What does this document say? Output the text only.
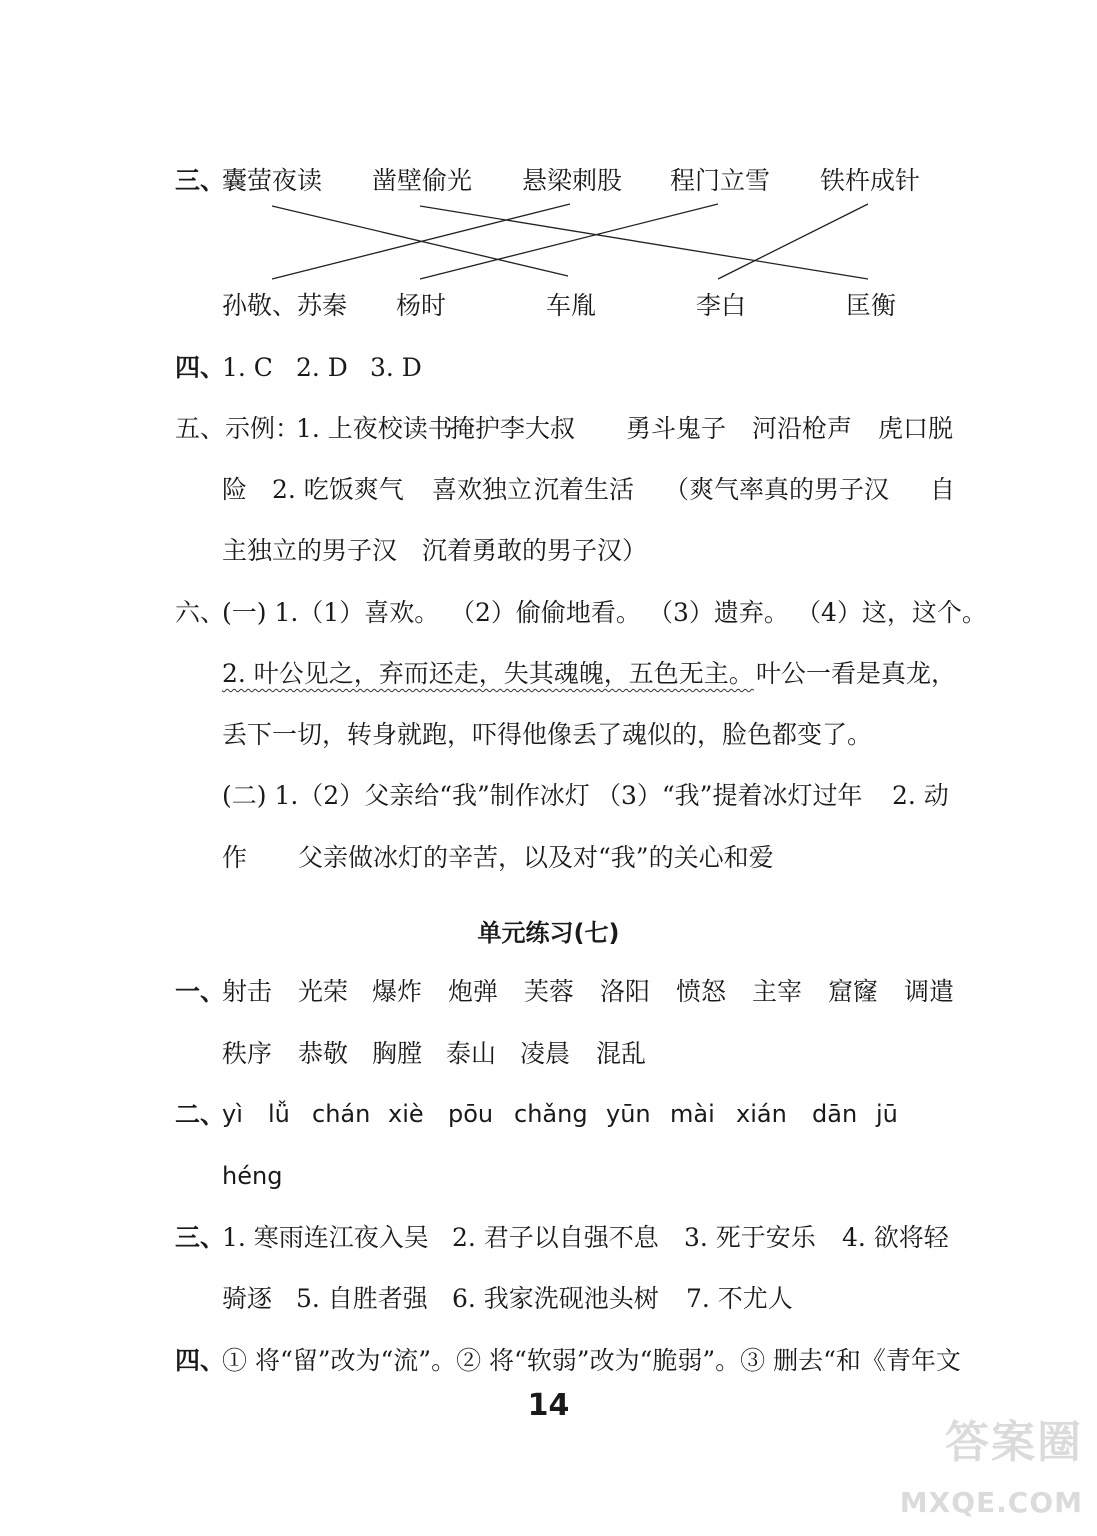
三、
囊萤夜读 凿壁偷光 悬梁刺股 程门立雪 铁杵成针
孙敬、苏秦 杨时	车胤	李白	匡衡
四、
1. C 2. D 3. D
五、示例：
1. 上夜校读书
掩护李大叔 勇斗鬼子 河沿枪声 虎口脱
险 2. 吃饭爽气 喜欢独立 沉着生活 （爽气率真的男子汉 自
主独立的男子汉　沉着勇敢的男子汉）
六、
(一) 1.（1）喜欢。 （2）偷偷地看。 （3）遗弃。 （4）这，这个。
2. 叶公见之，弃而还走，失其魂魄，五色无主。 叶公一看是真龙，
丢下一切，转身就跑，吓得他像丢了魂似的，脸色都变了。
(二) 1.（2）父亲给“我”制作冰灯 （3）“我”提着冰灯过年 2. 动
作 父亲做冰灯的辛苦，以及对“我”的关心和爱
单元练习(七)
一、
射击 光荣 爆炸 炮弹 芙蓉 洛阳 愤怒 主宰 窟窿 调遣
秩序 恭敬 胸膛 泰山 凌晨 混乱
二、
yì lǚ chán xiè pōu chǎng yūn mài xián dān jū
héng
三、
1. 寒雨连江夜入吴 2. 君子以自强不息 3. 死于安乐 4. 欲将轻
骑逐 5. 自胜者强 6. 我家洗砚池头树 7. 不尤人
四、
① 将“留”改为“流”。② 将“软弱”改为“脆弱”。③ 删去“和《青年文
14
答案圈
MXQE.COM
